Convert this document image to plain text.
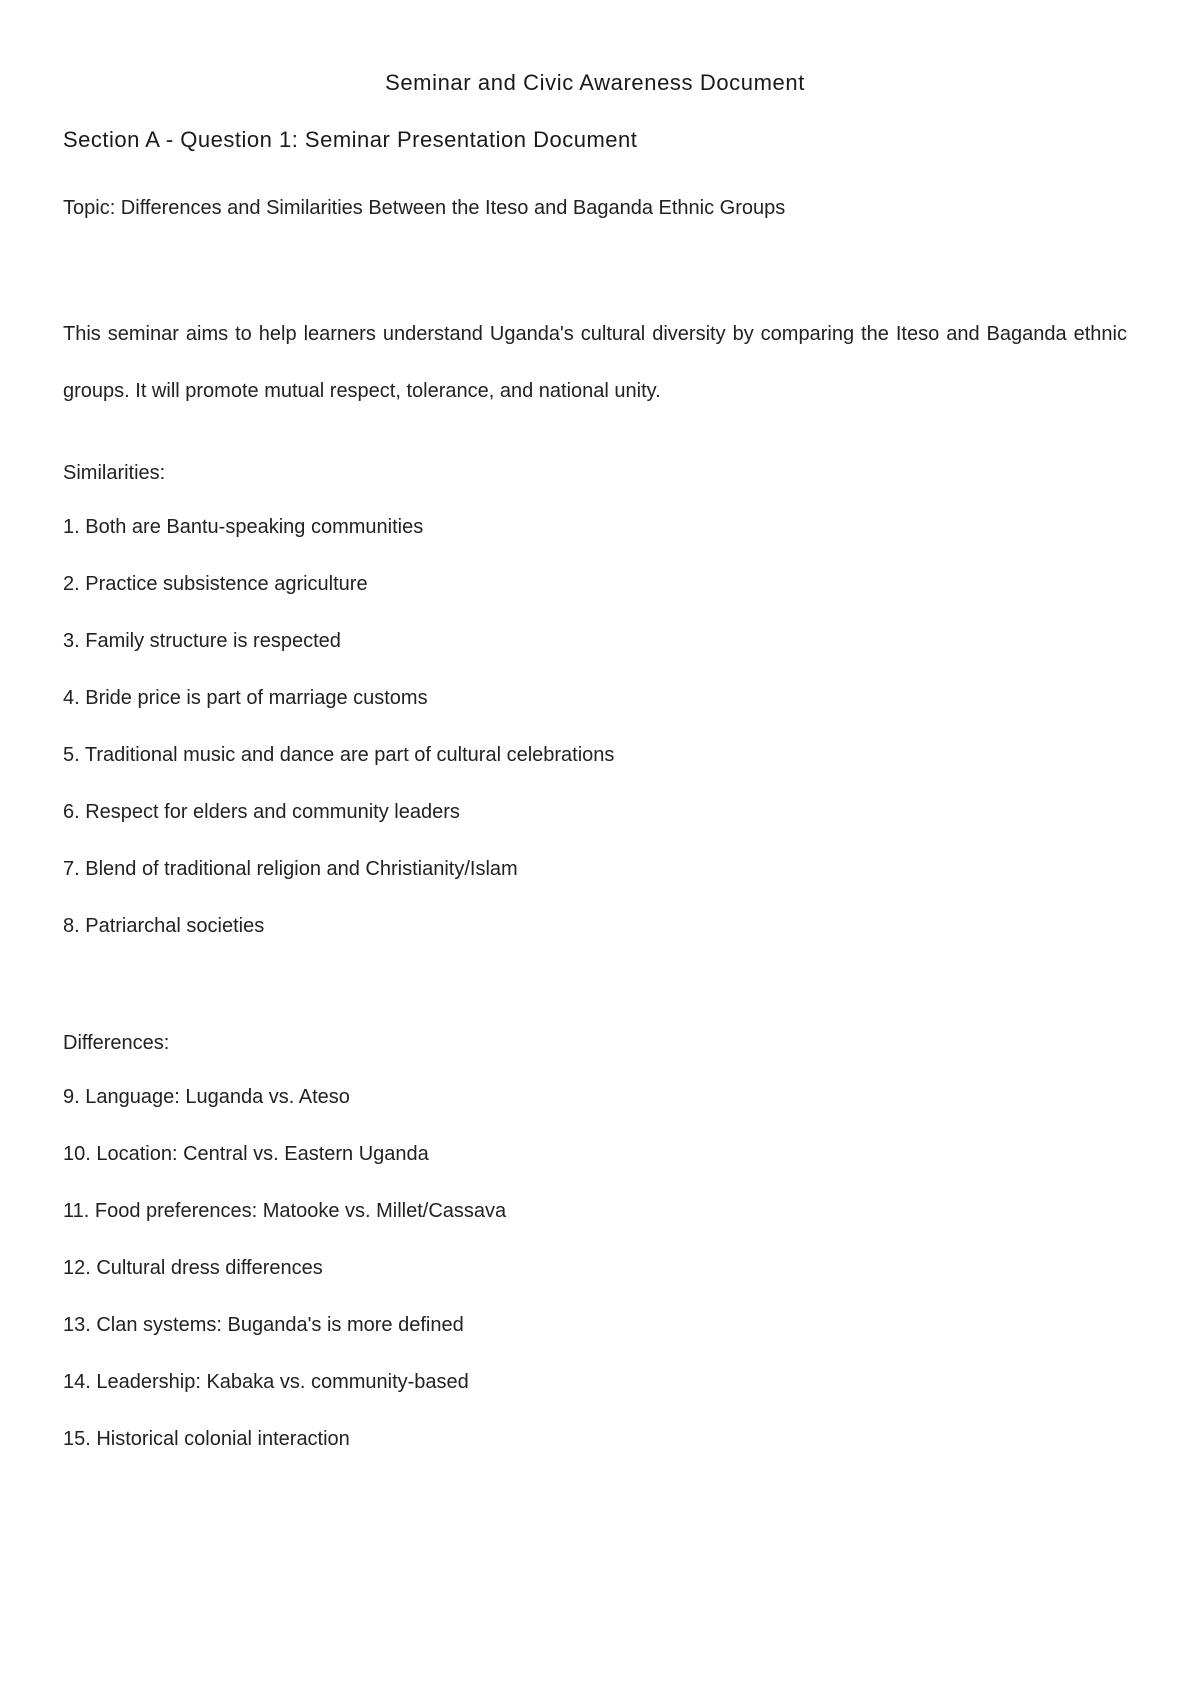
Seminar and Civic Awareness Document
Section A - Question 1: Seminar Presentation Document

Topic: Differences and Similarities Between the Iteso and Baganda Ethnic Groups

This seminar aims to help learners understand Uganda's cultural diversity by comparing the Iteso and Baganda ethnic groups. It will promote mutual respect, tolerance, and national unity.

Similarities:

1. Both are Bantu-speaking communities
2. Practice subsistence agriculture
3. Family structure is respected
4. Bride price is part of marriage customs
5. Traditional music and dance are part of cultural celebrations
6. Respect for elders and community leaders
7. Blend of traditional religion and Christianity/Islam
8. Patriarchal societies

Differences:

9. Language: Luganda vs. Ateso
10. Location: Central vs. Eastern Uganda
11. Food preferences: Matooke vs. Millet/Cassava
12. Cultural dress differences
13. Clan systems: Buganda's is more defined
14. Leadership: Kabaka vs. community-based
15. Historical colonial interaction
